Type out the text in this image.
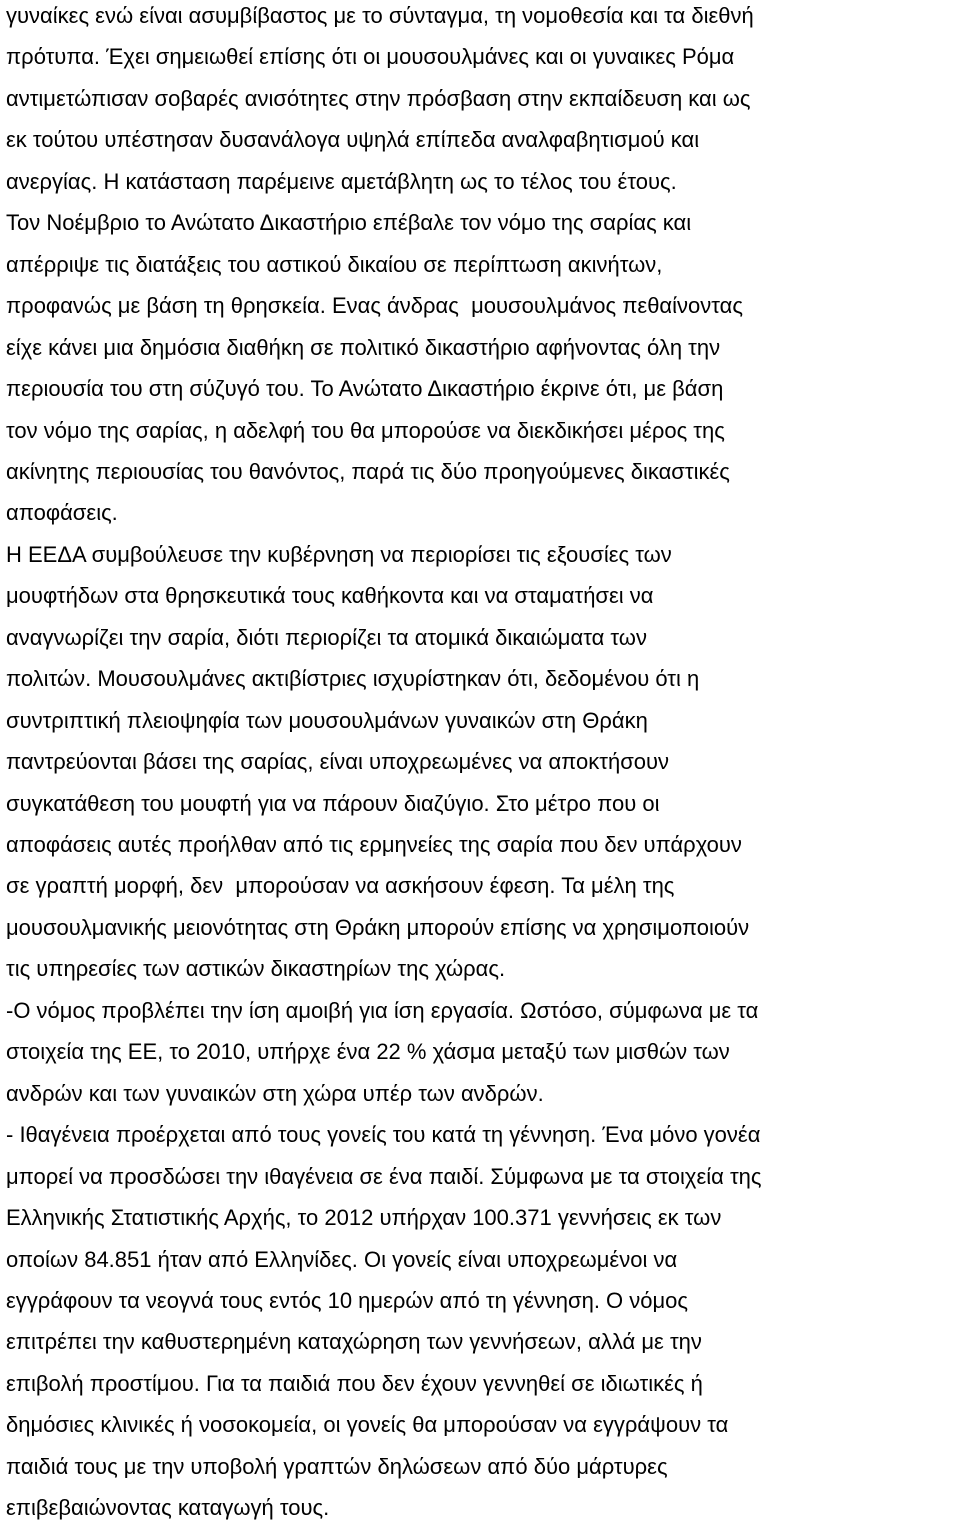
γυναίκες ενώ είναι ασυμβίβαστος με το σύνταγμα, τη νομοθεσία και τα διεθνή
πρότυπα. Έχει σημειωθεί επίσης ότι οι μουσουλμάνες και οι γυναικες Ρόμα
αντιμετώπισαν σοβαρές ανισότητες στην πρόσβαση στην εκπαίδευση και ως
εκ τούτου υπέστησαν δυσανάλογα υψηλά επίπεδα αναλφαβητισμού και
ανεργίας. Η κατάσταση παρέμεινε αμετάβλητη ως το τέλος του έτους.
Τον Νοέμβριο το Ανώτατο Δικαστήριο επέβαλε τον νόμο της σαρίας και
απέρριψε τις διατάξεις του αστικού δικαίου σε περίπτωση ακινήτων,
προφανώς με βάση τη θρησκεία. Ενας άνδρας  μουσουλμάνος πεθαίνοντας
είχε κάνει μια δημόσια διαθήκη σε πολιτικό δικαστήριο αφήνοντας όλη την
περιουσία του στη σύζυγό του. Το Ανώτατο Δικαστήριο έκρινε ότι, με βάση
τον νόμο της σαρίας, η αδελφή του θα μπορούσε να διεκδικήσει μέρος της
ακίνητης περιουσίας του θανόντος, παρά τις δύο προηγούμενες δικαστικές
αποφάσεις.
Η ΕΕΔΑ συμβούλευσε την κυβέρνηση να περιορίσει τις εξουσίες των
μουφτήδων στα θρησκευτικά τους καθήκοντα και να σταματήσει να
αναγνωρίζει την σαρία, διότι περιορίζει τα ατομικά δικαιώματα των
πολιτών. Μουσουλμάνες ακτιβίστριες ισχυρίστηκαν ότι, δεδομένου ότι η
συντριπτική πλειοψηφία των μουσουλμάνων γυναικών στη Θράκη
παντρεύονται βάσει της σαρίας, είναι υποχρεωμένες να αποκτήσουν
συγκατάθεση του μουφτή για να πάρουν διαζύγιο. Στο μέτρο που οι
αποφάσεις αυτές προήλθαν από τις ερμηνείες της σαρία που δεν υπάρχουν
σε γραπτή μορφή, δεν  μπορούσαν να ασκήσουν έφεση. Τα μέλη της
μουσουλμανικής μειονότητας στη Θράκη μπορούν επίσης να χρησιμοποιούν
τις υπηρεσίες των αστικών δικαστηρίων της χώρας.
-Ο νόμος προβλέπει την ίση αμοιβή για ίση εργασία. Ωστόσο, σύμφωνα με τα
στοιχεία της ΕΕ, το 2010, υπήρχε ένα 22 % χάσμα μεταξύ των μισθών των
ανδρών και των γυναικών στη χώρα υπέρ των ανδρών.
- Ιθαγένεια προέρχεται από τους γονείς του κατά τη γέννηση. Ένα μόνο γονέα
μπορεί να προσδώσει την ιθαγένεια σε ένα παιδί. Σύμφωνα με τα στοιχεία της
Ελληνικής Στατιστικής Αρχής, το 2012 υπήρχαν 100.371 γεννήσεις εκ των
οποίων 84.851 ήταν από Ελληνίδες. Οι γονείς είναι υποχρεωμένοι να
εγγράφουν τα νεογνά τους εντός 10 ημερών από τη γέννηση. Ο νόμος
επιτρέπει την καθυστερημένη καταχώρηση των γεννήσεων, αλλά με την
επιβολή προστίμου. Για τα παιδιά που δεν έχουν γεννηθεί σε ιδιωτικές ή
δημόσιες κλινικές ή νοσοκομεία, οι γονείς θα μπορούσαν να εγγράψουν τα
παιδιά τους με την υποβολή γραπτών δηλώσεων από δύο μάρτυρες
επιβεβαιώνοντας καταγωγή τους.
